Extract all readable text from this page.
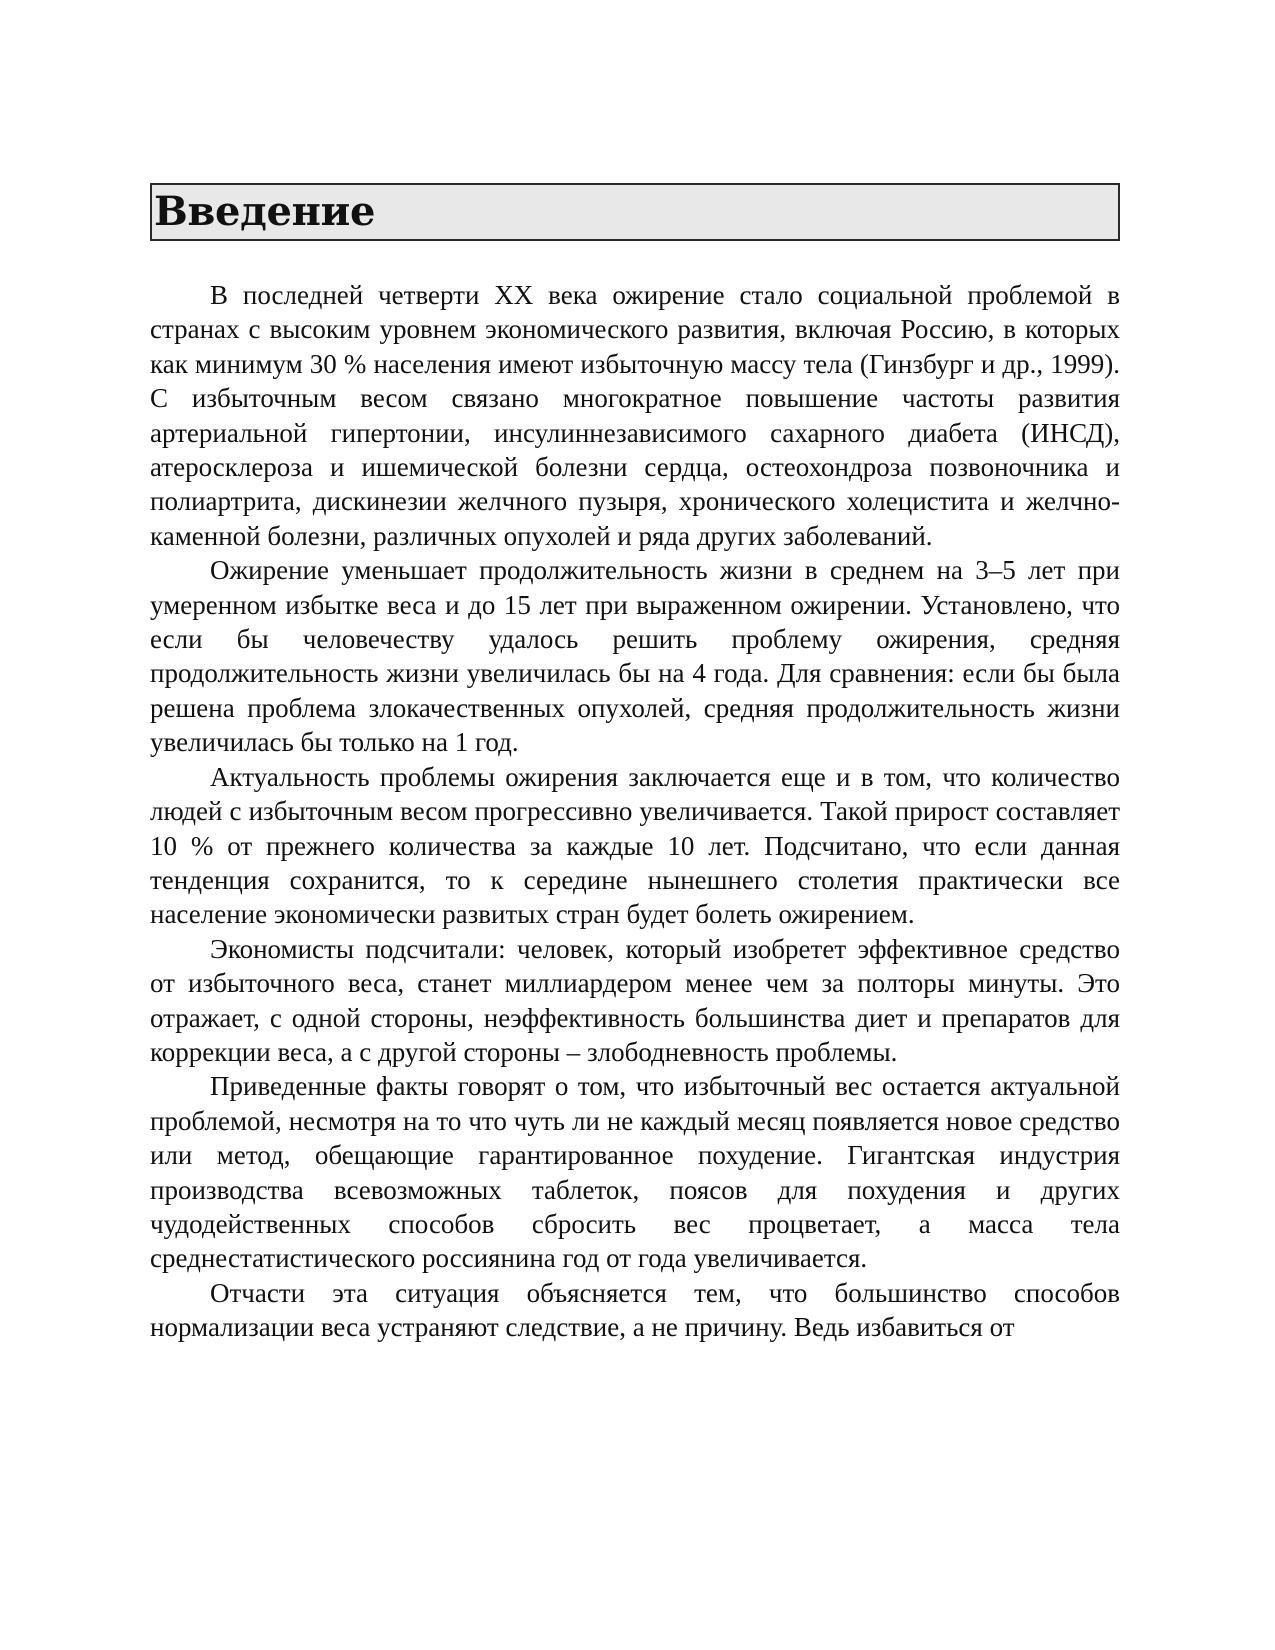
Введение

В последней четверти XX века ожирение стало социальной проблемой в странах с высоким уровнем экономического развития, включая Россию, в которых как минимум 30 % населения имеют избыточную массу тела (Гинзбург и др., 1999). С избыточным весом связано многократное повышение частоты развития артериальной гипертонии, инсулиннезависимого сахарного диабета (ИНСД), атеросклероза и ишемической болезни сердца, остеохондроза позвоночника и полиартрита, дискинезии желчного пузыря, хронического холецистита и желчно-каменной болезни, различных опухолей и ряда других заболеваний.

Ожирение уменьшает продолжительность жизни в среднем на 3–5 лет при умеренном избытке веса и до 15 лет при выраженном ожирении. Установлено, что если бы человечеству удалось решить проблему ожирения, средняя продолжительность жизни увеличилась бы на 4 года. Для сравнения: если бы была решена проблема злокачественных опухолей, средняя продолжительность жизни увеличилась бы только на 1 год.

Актуальность проблемы ожирения заключается еще и в том, что количество людей с избыточным весом прогрессивно увеличивается. Такой прирост составляет 10 % от прежнего количества за каждые 10 лет. Подсчитано, что если данная тенденция сохранится, то к середине нынешнего столетия практически все население экономически развитых стран будет болеть ожирением.

Экономисты подсчитали: человек, который изобретет эффективное средство от избыточного веса, станет миллиардером менее чем за полторы минуты. Это отражает, с одной стороны, неэффективность большинства диет и препаратов для коррекции веса, а с другой стороны – злободневность проблемы.

Приведенные факты говорят о том, что избыточный вес остается актуальной проблемой, несмотря на то что чуть ли не каждый месяц появляется новое средство или метод, обещающие гарантированное похудение. Гигантская индустрия производства всевозможных таблеток, поясов для похудения и других чудодейственных способов сбросить вес процветает, а масса тела среднестатистического россиянина год от года увеличивается.

Отчасти эта ситуация объясняется тем, что большинство способов нормализации веса устраняют следствие, а не причину. Ведь избавиться от
